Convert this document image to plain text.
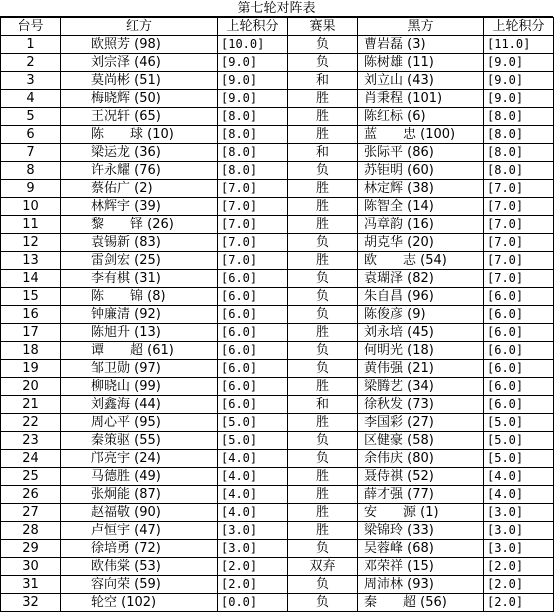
第七轮对阵表
台号	红方	上轮积分	赛果	黑方	上轮积分
1	欧照芳 (98)	[10.0]	负	曹岩磊 (3)	[11.0]
2	刘宗泽 (46)	[9.0]	负	陈树雄 (11)	[9.0]
3	莫尚彬 (51)	[9.0]	和	刘立山 (43)	[9.0]
4	梅晓辉 (50)	[9.0]	胜	肖秉程 (101)	[9.0]
5	王况轩 (65)	[8.0]	胜	陈红标 (6)	[8.0]
6	陈　　球 (10)	[8.0]	胜	蓝　　忠 (100)	[8.0]
7	梁运龙 (36)	[8.0]	和	张际平 (86)	[8.0]
8	许永耀 (76)	[8.0]	负	苏钜明 (60)	[8.0]
9	蔡佑广 (2)	[7.0]	胜	林定辉 (38)	[7.0]
10	林辉宇 (39)	[7.0]	胜	陈智全 (14)	[7.0]
11	黎　　铎 (26)	[7.0]	胜	冯章韵 (16)	[7.0]
12	袁锡新 (83)	[7.0]	负	胡克华 (20)	[7.0]
13	雷剑宏 (25)	[7.0]	胜	欧　　志 (54)	[7.0]
14	李有棋 (31)	[6.0]	负	袁瑚泽 (82)	[7.0]
15	陈　　锦 (8)	[6.0]	负	朱自昌 (96)	[6.0]
16	钟廉清 (92)	[6.0]	负	陈俊彦 (9)	[6.0]
17	陈旭升 (13)	[6.0]	胜	刘永培 (45)	[6.0]
18	谭　　超 (61)	[6.0]	负	何明光 (18)	[6.0]
19	邹卫勋 (97)	[6.0]	负	黄伟强 (21)	[6.0]
20	柳晓山 (99)	[6.0]	胜	梁腾艺 (34)	[6.0]
21	刘鑫海 (44)	[6.0]	和	徐秋发 (73)	[6.0]
22	周心平 (95)	[5.0]	胜	李国彩 (27)	[5.0]
23	秦策驱 (55)	[5.0]	负	区健豪 (58)	[5.0]
24	邝亮宇 (24)	[4.0]	负	余伟庆 (80)	[5.0]
25	马德胜 (49)	[4.0]	胜	聂侍祺 (52)	[4.0]
26	张炯能 (87)	[4.0]	胜	薛才强 (77)	[4.0]
27	赵福敬 (90)	[4.0]	胜	安　　源 (1)	[3.0]
28	卢恒宇 (47)	[3.0]	胜	梁锦玲 (33)	[3.0]
29	徐培勇 (72)	[3.0]	负	吴蓉峰 (68)	[3.0]
30	欧伟棠 (53)	[2.0]	双弃	邓荣祥 (15)	[2.0]
31	容向荣 (59)	[2.0]	负	周沛林 (93)	[2.0]
32	轮空 (102)	[0.0]	负	秦　　超 (56)	[2.0]
